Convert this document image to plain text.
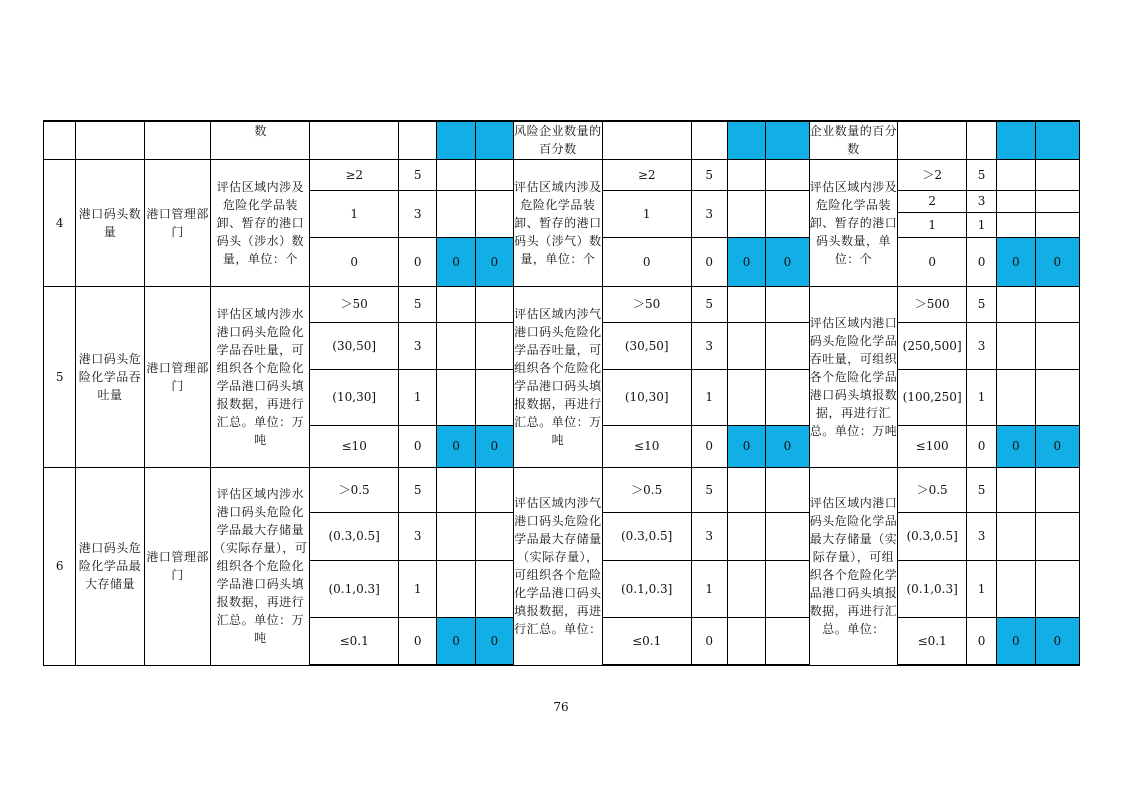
			数					风险企业数量的百分数					企业数量的百分数				
4	港口码头数量	港口管理部门	评估区域内涉及危险化学品装卸、暂存的港口码头（涉水）数量，单位：个	≥2	5			评估区域内涉及危险化学品装卸、暂存的港口码头（涉气）数量，单位：个	≥2	5			评估区域内涉及危险化学品装卸、暂存的港口码头数量，单位：个	＞2	5		
				1	3				1	3				2	3		
														1	1		
				0	0	0	0		0	0	0	0		0	0	0	0
5	港口码头危险化学品吞吐量	港口管理部门	评估区域内涉水港口码头危险化学品吞吐量，可组织各个危险化学品港口码头填报数据，再进行汇总。单位：万吨	＞50	5			评估区域内涉气港口码头危险化学品吞吐量，可组织各个危险化学品港口码头填报数据，再进行汇总。单位：万吨	＞50	5			评估区域内港口码头危险化学品吞吐量，可组织各个危险化学品港口码头填报数据，再进行汇总。单位：万吨	＞500	5		
				(30,50]	3				(30,50]	3				(250,500]	3		
				(10,30]	1				(10,30]	1				(100,250]	1		
				≤10	0	0	0		≤10	0	0	0		≤100	0	0	0
6	港口码头危险化学品最大存储量	港口管理部门	评估区域内涉水港口码头危险化学品最大存储量（实际存量），可组织各个危险化学品港口码头填报数据，再进行汇总。单位：万吨	＞0.5	5			评估区域内涉气港口码头危险化学品最大存储量（实际存量），可组织各个危险化学品港口码头填报数据，再进行汇总。单位：	＞0.5	5			评估区域内港口码头危险化学品最大存储量（实际存量），可组织各个危险化学品港口码头填报数据，再进行汇总。单位：	＞0.5	5		
				(0.3,0.5]	3				(0.3,0.5]	3				(0.3,0.5]	3		
				(0.1,0.3]	1				(0.1,0.3]	1				(0.1,0.3]	1		
				≤0.1	0	0	0		≤0.1	0				≤0.1	0	0	0
76
